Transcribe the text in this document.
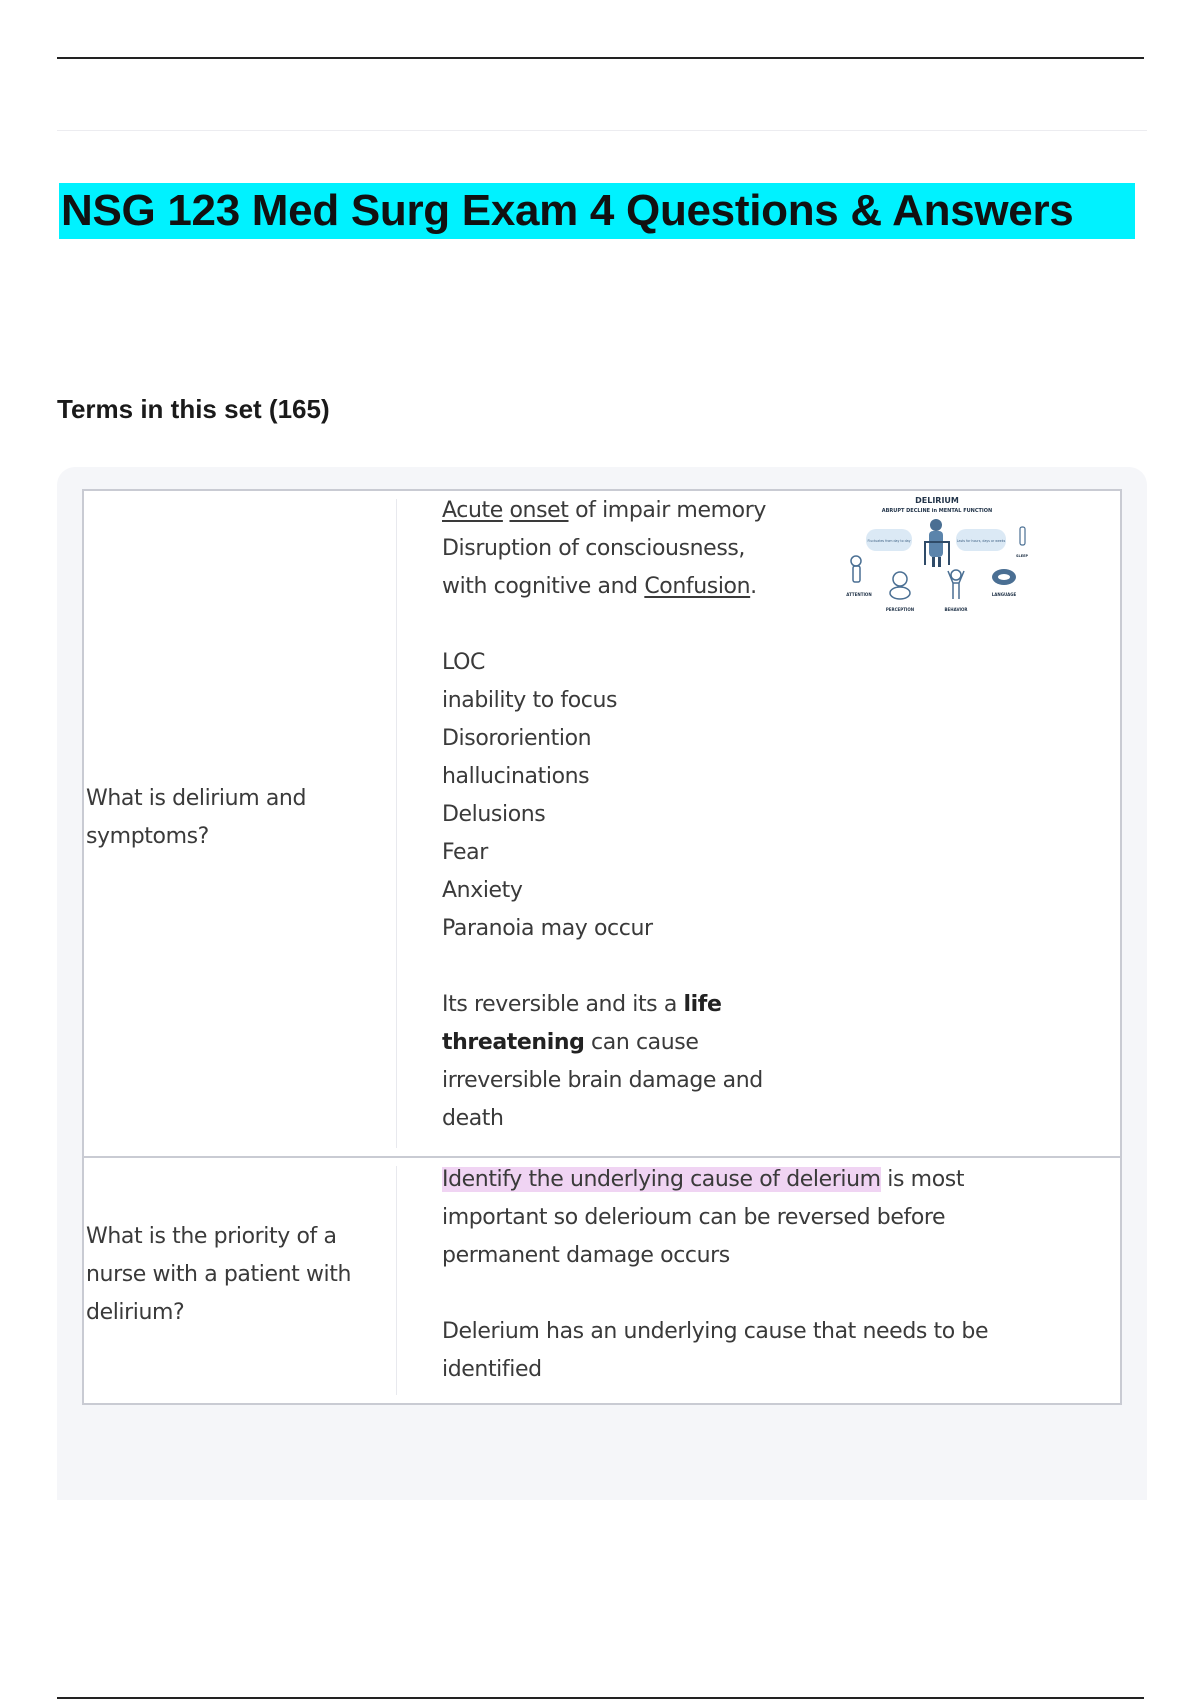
NSG 123 Med Surg Exam 4 Questions & Answers
Terms in this set (165)
What is delirium and symptoms?
Acute onset of impair memory
Disruption of consciousness,
with cognitive and Confusion.
LOC
inability to focus
Disororiention
hallucinations
Delusions
Fear
Anxiety
Paranoia may occur
Its reversible and its a life
threatening can cause
irreversible brain damage and
death
DELIRIUM
ABRUPT DECLINE in MENTAL FUNCTION
Fluctuates from day to day	Lasts for hours, days or weeks
ATTENTION
PERCEPTION	BEHAVIOR
LANGUAGE
SLEEP
What is the priority of a nurse with a patient with delirium?
Identify the underlying cause of delerium is most
important so delerioum can be reversed before
permanent damage occurs
Delerium has an underlying cause that needs to be
identified
